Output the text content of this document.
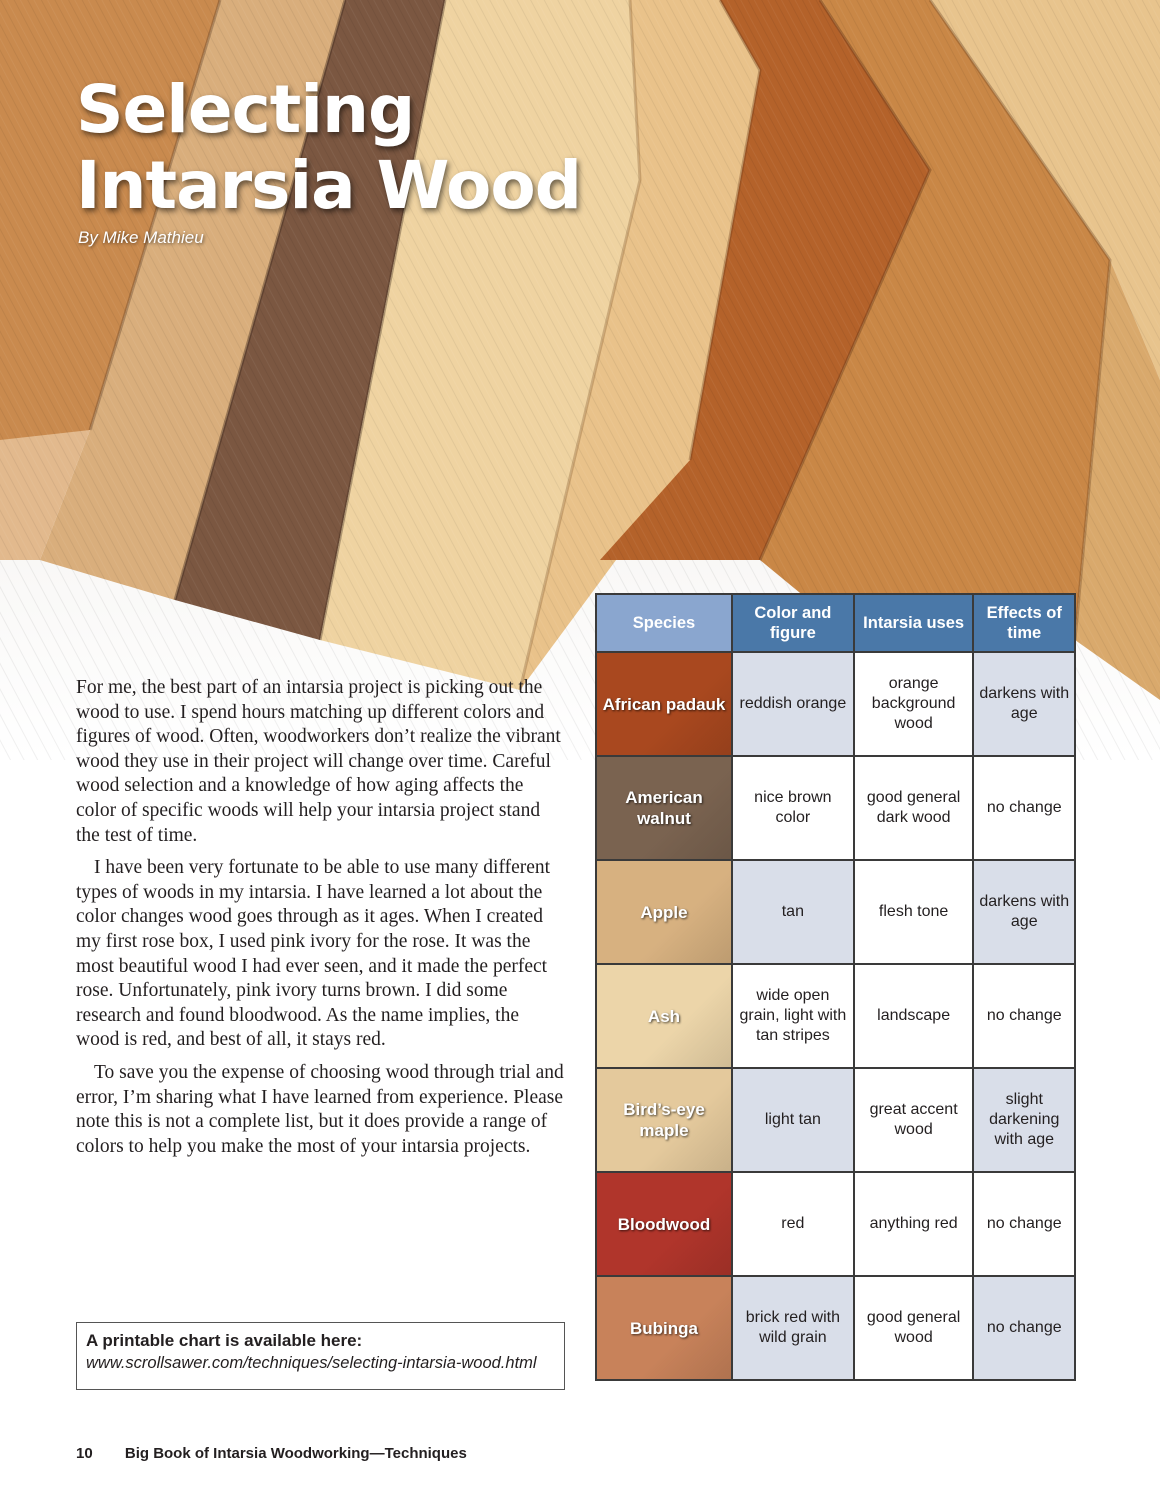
Selecting
Intarsia Wood
By Mike Mathieu

For me, the best part of an intarsia project is picking out the wood to use. I spend hours matching up different colors and figures of wood. Often, woodworkers don’t realize the vibrant wood they use in their project will change over time. Careful wood selection and a knowledge of how aging affects the color of specific woods will help your intarsia project stand the test of time.

I have been very fortunate to be able to use many different types of woods in my intarsia. I have learned a lot about the color changes wood goes through as it ages. When I created my first rose box, I used pink ivory for the rose. It was the most beautiful wood I had ever seen, and it made the perfect rose. Unfortunately, pink ivory turns brown. I did some research and found bloodwood. As the name implies, the wood is red, and best of all, it stays red.

To save you the expense of choosing wood through trial and error, I’m sharing what I have learned from experience. Please note this is not a complete list, but it does provide a range of colors to help you make the most of your intarsia projects.

A printable chart is available here:
www.scrollsawer.com/techniques/selecting-intarsia-wood.html
Species	Color and figure	Intarsia uses	Effects of time
African padauk	reddish orange	orange background wood	darkens with age
American walnut	nice brown color	good general dark wood	no change
Apple	tan	flesh tone	darkens with age
Ash	wide open grain, light with tan stripes	landscape	no change
Bird’s-eye maple	light tan	great accent wood	slight darkening with age
Bloodwood	red	anything red	no change
Bubinga	brick red with wild grain	good general wood	no change
10 Big Book of Intarsia Woodworking—Techniques
